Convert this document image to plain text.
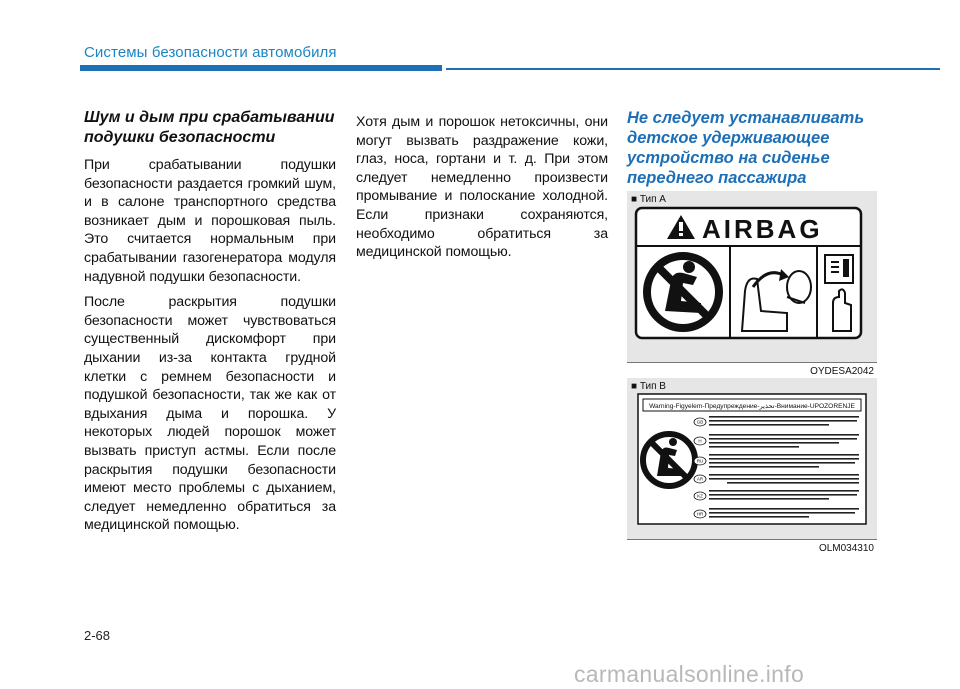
Системы безопасности автомобиля
Шум и дым при срабатывании подушки безопасности

При срабатывании подушки безопасности раздается громкий шум, и в салоне транспортного средства возникает дым и порошковая пыль. Это считается нормальным при срабатывании газогенератора модуля надувной подушки безопасности.

После раскрытия подушки безопасности может чувствоваться существенный дискомфорт при дыхании из-за контакта грудной клетки с ремнем безопасности и подушкой безопасности, так же как от вдыхания дыма и порошка. У некоторых людей порошок может вызвать приступ астмы. Если после раскрытия подушки безопасности имеют место проблемы с дыханием, следует немедленно обратиться за медицинской помощью.

Хотя дым и порошок нетоксичны, они могут вызвать раздражение кожи, глаз, носа, гортани и т. д. При этом следует немедленно произвести промывание и полоскание холодной. Если признаки сохраняются, необходимо обратиться за медицинской помощью.

Не следует устанавливать детское удерживающее устройство на сиденье переднего пассажира
■ Тип A
AIRBAG
OYDESA2042
■ Тип B
Warning-Figyelem-Предупреждение-تحذير-Внимание-UPOZORENJE
GB
H
RU
AR
KZ
HR
OLM034310
2-68
carmanualsonline.info
